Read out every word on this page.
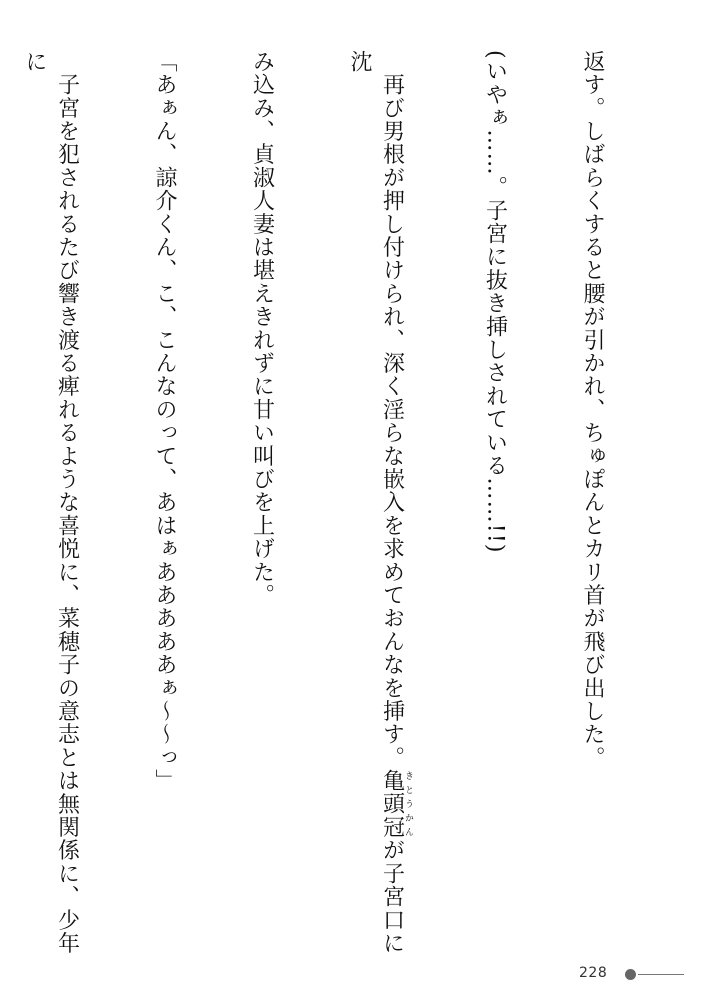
返す。しばらくすると腰が引かれ、ちゅぽんとカリ首が飛び出した。

(いやぁ……。子宮に抜き挿しされている……!!)

　再び男根が押し付けられ、深く淫らな嵌入を求めておんなを挿す。亀頭冠きとうかんが子宮口に沈

み込み、貞淑人妻は堪えきれずに甘い叫びを上げた。

「あぁん、諒介くん、こ、こんなのって、あはぁあああああぁ～～っ」

　子宮を犯されるたび響き渡る痺れるような喜悦に、菜穂子の意志とは無関係に、少年に

228
